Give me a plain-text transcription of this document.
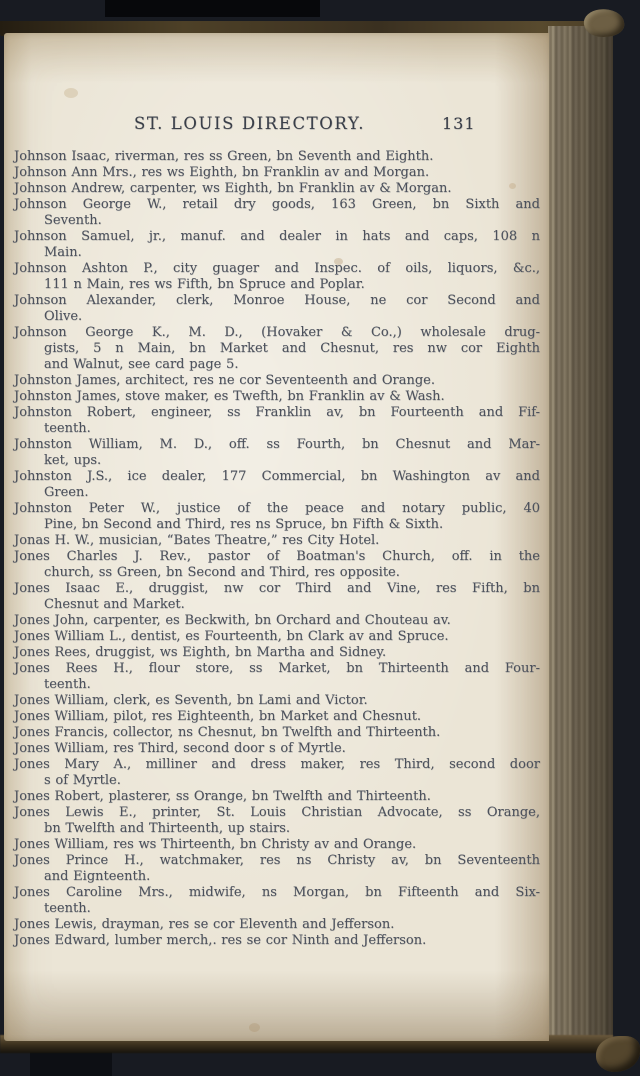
ST. LOUIS DIRECTORY.	131
Johnson Isaac, riverman, res ss Green, bn Seventh and Eighth.
Johnson Ann Mrs., res ws Eighth, bn Franklin av and Morgan.
Johnson Andrew, carpenter, ws Eighth, bn Franklin av & Morgan.
Johnson George W., retail dry goods, 163 Green, bn Sixth and
Seventh.
Johnson Samuel, jr., manuf. and dealer in hats and caps, 108 n
Main.
Johnson Ashton P., city guager and Inspec. of oils, liquors, &c.,
111 n Main, res ws Fifth, bn Spruce and Poplar.
Johnson Alexander, clerk, Monroe House, ne cor Second and
Olive.
Johnson George K., M. D., (Hovaker & Co.,) wholesale drug-
gists, 5 n Main, bn Market and Chesnut, res nw cor Eighth
and Walnut, see card page 5.
Johnston James, architect, res ne cor Seventeenth and Orange.
Johnston James, stove maker, es Twefth, bn Franklin av & Wash.
Johnston Robert, engineer, ss Franklin av, bn Fourteenth and Fif-
teenth.
Johnston William, M. D., off. ss Fourth, bn Chesnut and Mar-
ket, ups.
Johnston J.S., ice dealer, 177 Commercial, bn Washington av and
Green.
Johnston Peter W., justice of the peace and notary public, 40
Pine, bn Second and Third, res ns Spruce, bn Fifth & Sixth.
Jonas H. W., musician, “Bates Theatre,” res City Hotel.
Jones Charles J. Rev., pastor of Boatman's Church, off. in the
church, ss Green, bn Second and Third, res opposite.
Jones Isaac E., druggist, nw cor Third and Vine, res Fifth, bn
Chesnut and Market.
Jones John, carpenter, es Beckwith, bn Orchard and Chouteau av.
Jones William L., dentist, es Fourteenth, bn Clark av and Spruce.
Jones Rees, druggist, ws Eighth, bn Martha and Sidney.
Jones Rees H., flour store, ss Market, bn Thirteenth and Four-
teenth.
Jones William, clerk, es Seventh, bn Lami and Victor.
Jones William, pilot, res Eighteenth, bn Market and Chesnut.
Jones Francis, collector, ns Chesnut, bn Twelfth and Thirteenth.
Jones William, res Third, second door s of Myrtle.
Jones Mary A., milliner and dress maker, res Third, second door
s of Myrtle.
Jones Robert, plasterer, ss Orange, bn Twelfth and Thirteenth.
Jones Lewis E., printer, St. Louis Christian Advocate, ss Orange,
bn Twelfth and Thirteenth, up stairs.
Jones William, res ws Thirteenth, bn Christy av and Orange.
Jones Prince H., watchmaker, res ns Christy av, bn Seventeenth
and Eignteenth.
Jones Caroline Mrs., midwife, ns Morgan, bn Fifteenth and Six-
teenth.
Jones Lewis, drayman, res se cor Eleventh and Jefferson.
Jones Edward, lumber merch,. res se cor Ninth and Jefferson.
